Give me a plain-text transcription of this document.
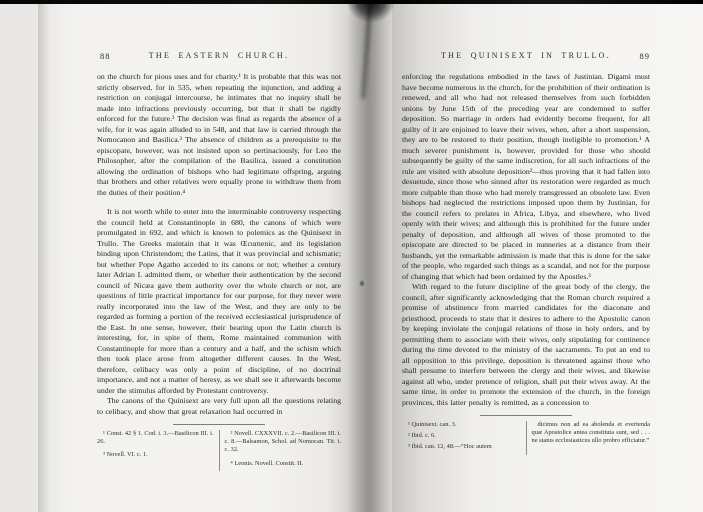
88	THE EASTERN CHURCH.

on the church for pious uses and for charity.¹ It is probable that this was not strictly observed, for in 535, when repeating the injunction, and adding a restriction on conjugal intercourse, he intimates that no inquiry shall be made into infractions previously occurring, but that it shall be rigidly enforced for the future.² The decision was final as regards the absence of a wife, for it was again alluded to in 548, and that law is carried through the Nomocanon and Basilica.³ The absence of children as a prerequisite to the episcopate, however, was not insisted upon so pertinaciously, for Leo the Philosopher, after the compilation of the Basilica, issued a constitution allowing the ordination of bishops who had legitimate offspring, arguing that brothers and other relatives were equally prone to withdraw them from the duties of their position.⁴

It is not worth while to enter into the interminable controversy respecting the council held at Constantinople in 680, the canons of which were promulgated in 692, and which is known to polemics as the Quinisext in Trullo. The Greeks maintain that it was Œcumenic, and its legislation binding upon Christendom; the Latins, that it was provincial and schismatic; but whether Pope Agatho acceded to its canons or not; whether a century later Adrian I. admitted them, or whether their authentication by the second council of Nicæa gave them authority over the whole church or not, are questions of little practical importance for our purpose, for they never were really incorporated into the law of the West, and they are only to be regarded as forming a portion of the received ecclesiastical jurisprudence of the East. In one sense, however, their bearing upon the Latin church is interesting, for, in spite of them, Rome maintained communion with Constantinople for more than a century and a half, and the schism which then took place arose from altogether different causes. In the West, therefore, celibacy was only a point of discipline, of no doctrinal importance, and not a matter of heresy, as we shall see it afterwards become under the stimulus afforded by Protestant controversy.

The canons of the Quinisext are very full upon all the questions relating to celibacy, and show that great relaxation had occurred in

¹ Const. 42 § 1. Cod. i. 3.—Basilicon III. i. 26.

³ Novell. VI. c. 1.

² Novell. CXXXVII. c. 2.—Basilicon III. i. c. 8.—Balsamon, Schol. ad Nomocan. Tit. i. c. 32.

⁴ Leonis. Novell. Constit. II.

THE QUINISEXT IN TRULLO.	89

enforcing the regulations embodied in the laws of Justinian. Digami must have become numerous in the church, for the prohibition of their ordination is renewed, and all who had not released themselves from such forbidden unions by June 15th of the preceding year are condemned to suffer deposition. So marriage in orders had evidently become frequent, for all guilty of it are enjoined to leave their wives, when, after a short suspension, they are to be restored to their position, though ineligible to promotion.¹ A much severer punishment is, however, provided for those who should subsequently be guilty of the same indiscretion, for all such infractions of the rule are visited with absolute deposition²—thus proving that it had fallen into desuetude, since those who sinned after its restoration were regarded as much more culpable than those who had merely transgressed an obsolete law. Even bishops had neglected the restrictions imposed upon them by Justinian, for the council refers to prelates in Africa, Libya, and elsewhere, who lived openly with their wives; and although this is prohibited for the future under penalty of deposition, and although all wives of those promoted to the episcopate are directed to be placed in nunneries at a distance from their husbands, yet the remarkable admission is made that this is done for the sake of the people, who regarded such things as a scandal, and not for the purpose of changing that which had been ordained by the Apostles.³

With regard to the future discipline of the great body of the clergy, the council, after significantly acknowledging that the Roman church required a promise of abstinence from married candidates for the diaconate and priesthood, proceeds to state that it desires to adhere to the Apostolic canon by keeping inviolate the conjugal relations of those in holy orders, and by permitting them to associate with their wives, only stipulating for continence during the time devoted to the ministry of the sacraments. To put an end to all opposition to this privilege, deposition is threatened against those who shall presume to interfere between the clergy and their wives, and likewise against all who, under pretence of religion, shall put their wives away. At the same time, in order to promote the extension of the church, in the foreign provinces, this latter penalty is remitted, as a concession to

¹ Quinisext. can. 3.

² Ibid. c. 6.

³ Ibid. can. 12, 48.—“Hoc autem

dicimus non ad ea abolenda et evertenda quæ Apostolice antea constituta sunt, sed . . . ne status ecclesiasticus ullo probro efficiatur.”
